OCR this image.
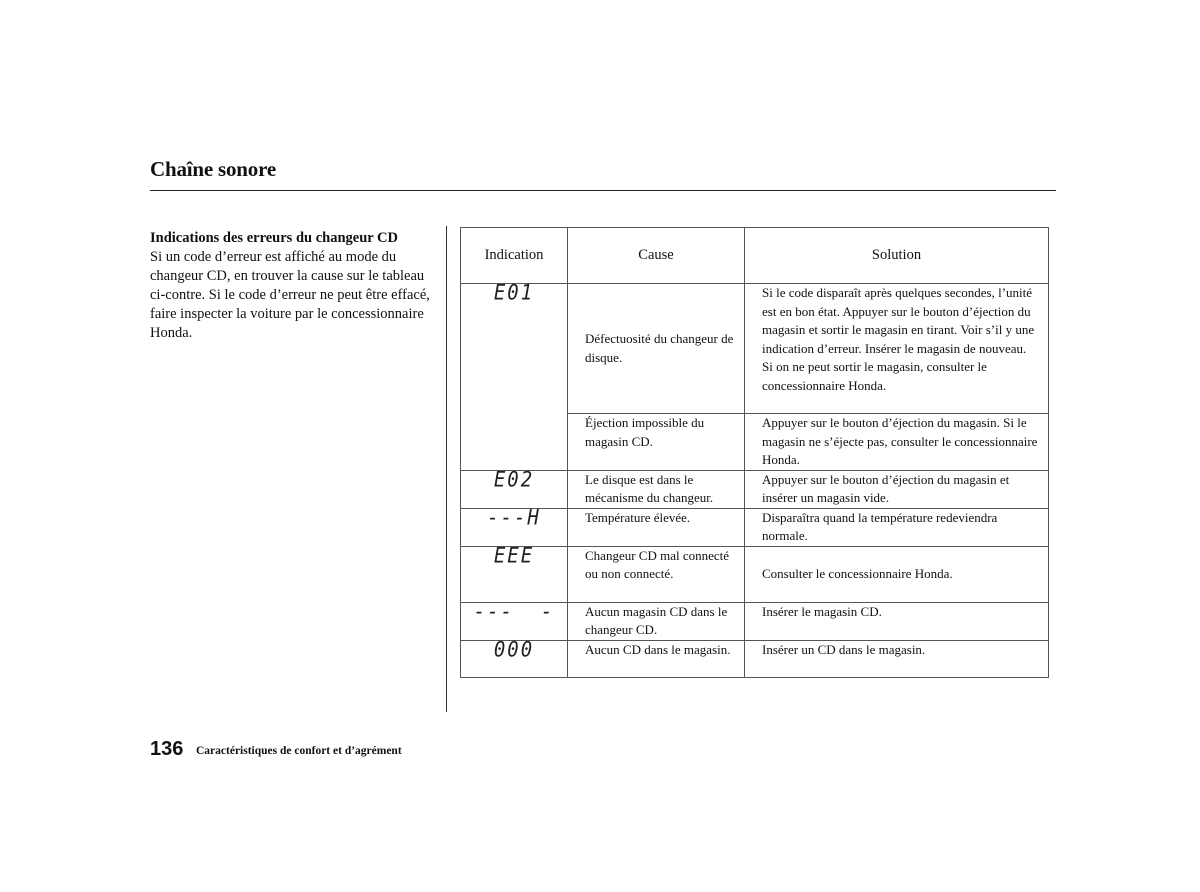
Chaîne sonore
Indications des erreurs du changeur CD
Si un code d’erreur est affiché au mode du changeur CD, en trouver la cause sur le tableau ci-contre. Si le code d’erreur ne peut être effacé, faire inspecter la voiture par le concessionnaire Honda.
Indication	Cause	Solution
E01	Défectuosité du changeur de disque.	Si le code disparaît après quelques secondes, l’unité est en bon état. Appuyer sur le bouton d’éjection du magasin et sortir le magasin en tirant. Voir s’il y une indication d’erreur. Insérer le magasin de nouveau. Si on ne peut sortir le magasin, consulter le concessionnaire Honda.
	Éjection impossible du magasin CD.	Appuyer sur le bouton d’éjection du magasin. Si le magasin ne s’éjecte pas, consulter le concessionnaire Honda.
E02	Le disque est dans le mécanisme du changeur.	Appuyer sur le bouton d’éjection du magasin et insérer un magasin vide.
---H	Température élevée.	Disparaîtra quand la température redeviendra normale.
EEE	Changeur CD mal connecté ou non connecté.	Consulter le concessionnaire Honda.
---  -	Aucun magasin CD dans le changeur CD.	Insérer le magasin CD.
000	Aucun CD dans le magasin.	Insérer un CD dans le magasin.
136 Caractéristiques de confort et d’agrément
